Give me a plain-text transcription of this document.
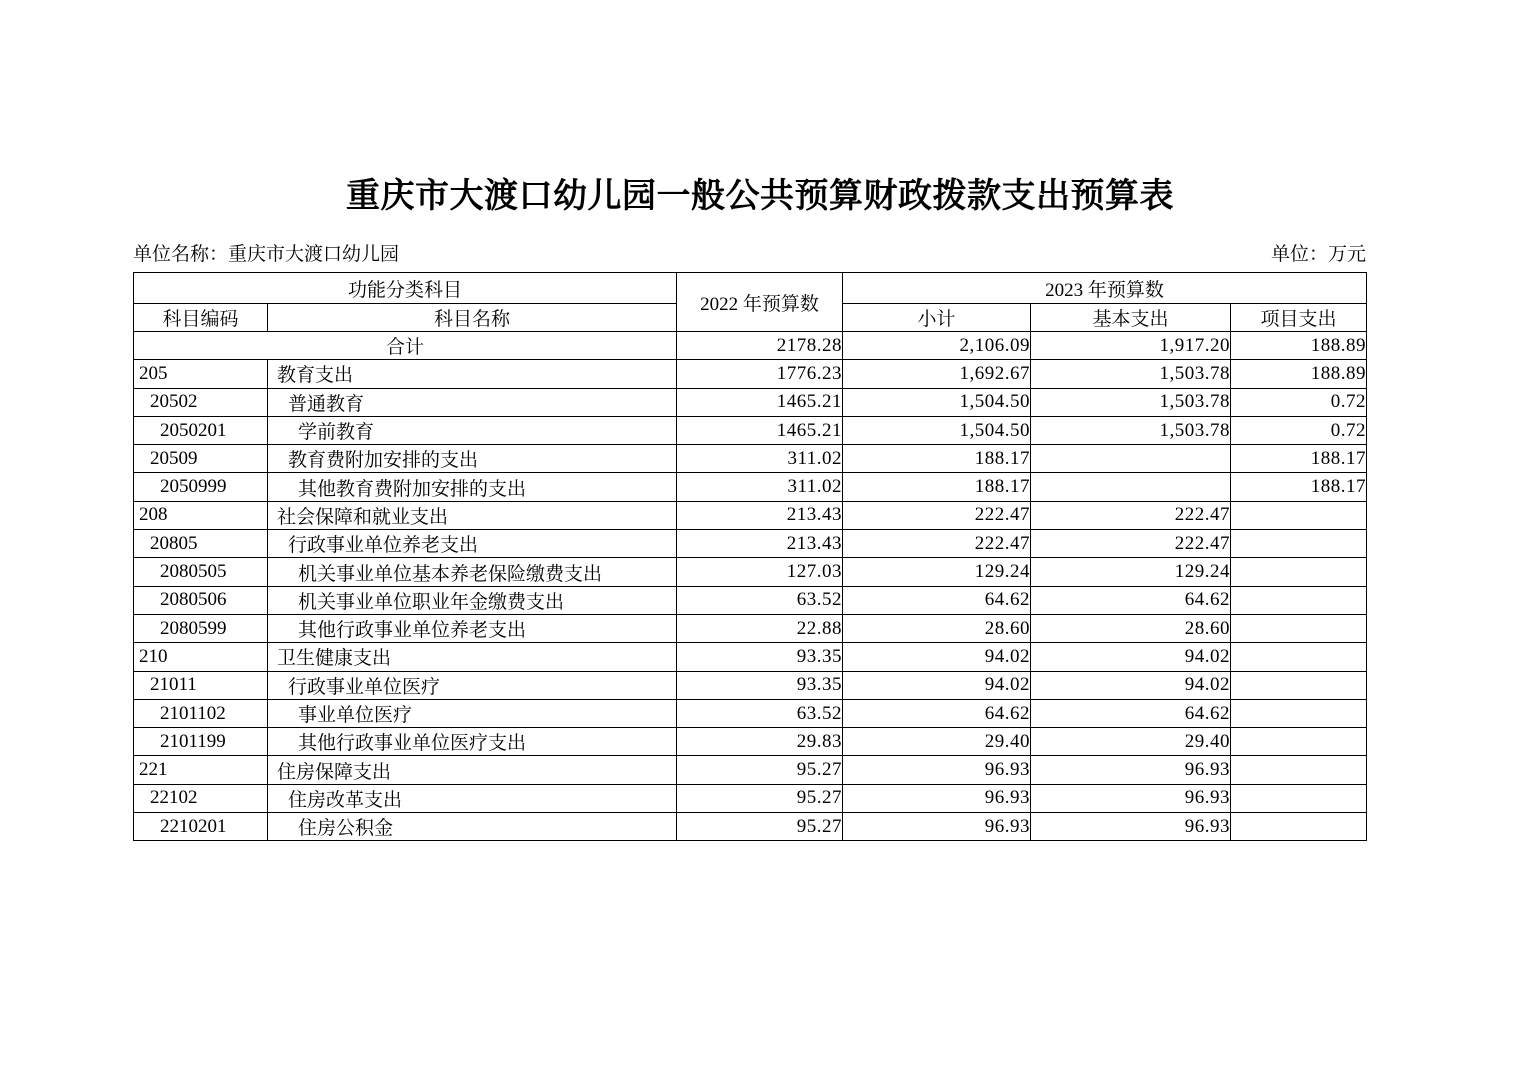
重庆市大渡口幼儿园一般公共预算财政拨款支出预算表
单位名称：重庆市大渡口幼儿园	单位：万元
功能分类科目		2022 年预算数	2023 年预算数		
科目编码	科目名称		小计	基本支出	项目支出
合计		2178.28	2,106.09	1,917.20	188.89
205	教育支出	1776.23	1,692.67	1,503.78	188.89
20502	普通教育	1465.21	1,504.50	1,503.78	0.72
2050201	学前教育	1465.21	1,504.50	1,503.78	0.72
20509	教育费附加安排的支出	311.02	188.17		188.17
2050999	其他教育费附加安排的支出	311.02	188.17		188.17
208	社会保障和就业支出	213.43	222.47	222.47	
20805	行政事业单位养老支出	213.43	222.47	222.47	
2080505	机关事业单位基本养老保险缴费支出	127.03	129.24	129.24	
2080506	机关事业单位职业年金缴费支出	63.52	64.62	64.62	
2080599	其他行政事业单位养老支出	22.88	28.60	28.60	
210	卫生健康支出	93.35	94.02	94.02	
21011	行政事业单位医疗	93.35	94.02	94.02	
2101102	事业单位医疗	63.52	64.62	64.62	
2101199	其他行政事业单位医疗支出	29.83	29.40	29.40	
221	住房保障支出	95.27	96.93	96.93	
22102	住房改革支出	95.27	96.93	96.93	
2210201	住房公积金	95.27	96.93	96.93	
